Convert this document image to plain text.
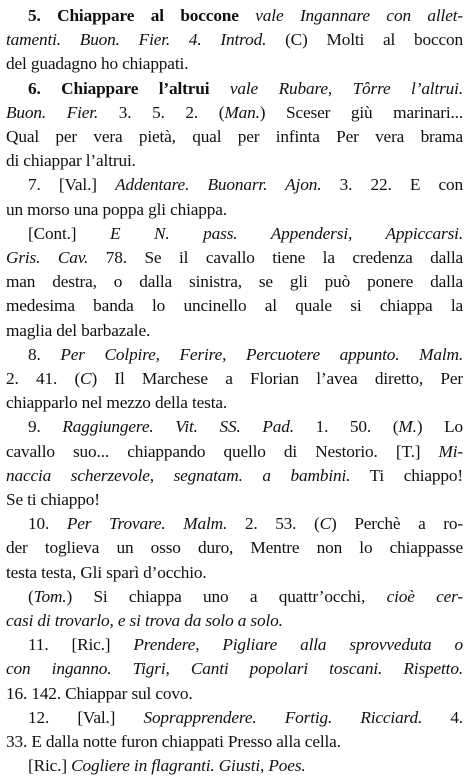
5. Chiappare al boccone vale Ingannare con allet-
tamenti. Buon. Fier. 4. Introd. (C) Molti al boccon
del guadagno ho chiappati.
6. Chiappare l’altrui vale Rubare, Tôrre l’altrui.
Buon. Fier. 3. 5. 2. (Man.) Sceser giù marinari...
Qual per vera pietà, qual per infinta Per vera brama
di chiappar l’altrui.
7. [Val.] Addentare. Buonarr. Ajon. 3. 22. E con
un morso una poppa gli chiappa.
[Cont.] E N. pass. Appendersi, Appiccarsi.
Gris. Cav. 78. Se il cavallo tiene la credenza dalla
man destra, o dalla sinistra, se gli può ponere dalla
medesima banda lo uncinello al quale si chiappa la
maglia del barbazale.
8. Per Colpire, Ferire, Percuotere appunto. Malm.
2. 41. (C) Il Marchese a Florian l’avea diretto, Per
chiapparlo nel mezzo della testa.
9. Raggiungere. Vit. SS. Pad. 1. 50. (M.) Lo
cavallo suo... chiappando quello di Nestorio. [T.] Mi-
naccia scherzevole, segnatam. a bambini. Ti chiappo!
Se ti chiappo!
10. Per Trovare. Malm. 2. 53. (C) Perchè a ro-
der toglieva un osso duro, Mentre non lo chiappasse
testa testa, Gli sparì d’occhio.
(Tom.) Si chiappa uno a quattr’occhi, cioè cer-
casi di trovarlo, e si trova da solo a solo.
11. [Ric.] Prendere, Pigliare alla sprovveduta o
con inganno. Tigri, Canti popolari toscani. Rispetto.
16. 142. Chiappar sul covo.
12. [Val.] Soprapprendere. Fortig. Ricciard. 4.
33. E dalla notte furon chiappati Presso alla cella.
[Ric.] Cogliere in flagranti. Giusti, Poes.
